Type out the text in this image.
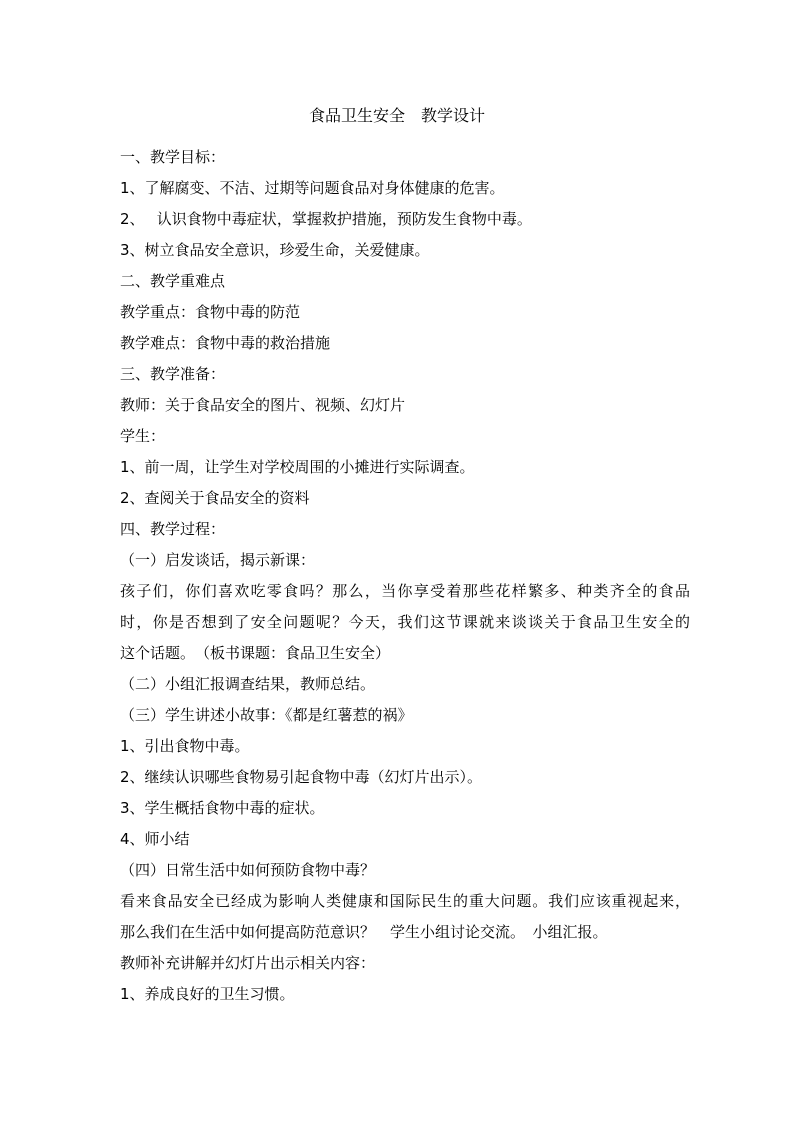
食品卫生安全　教学设计

一、教学目标：

1、了解腐变、不洁、过期等问题食品对身体健康的危害。

2、　 认识食物中毒症状，掌握救护措施，预防发生食物中毒。

3、树立食品安全意识，珍爱生命，关爱健康。

二、教学重难点

教学重点：食物中毒的防范

教学难点：食物中毒的救治措施

三、教学准备：

教师：关于食品安全的图片、视频、幻灯片

学生：

1、前一周，让学生对学校周围的小摊进行实际调查。

2、查阅关于食品安全的资料

四、教学过程：

（一）启发谈话，揭示新课：

孩子们，你们喜欢吃零食吗？那么，当你享受着那些花样繁多、种类齐全的食品
时，你是否想到了安全问题呢？今天，我们这节课就来谈谈关于食品卫生安全的
这个话题。　（板书课题：食品卫生安全）

（二）小组汇报调查结果，教师总结。

（三）学生讲述小故事：《都是红薯惹的祸》

1、引出食物中毒。

2、继续认识哪些食物易引起食物中毒（幻灯片出示）。

3、学生概括食物中毒的症状。

4、师小结

（四）日常生活中如何预防食物中毒？

看来食品安全已经成为影响人类健康和国际民生的重大问题。我们应该重视起来，
那么我们在生活中如何提高防范意识？　学生小组讨论交流。　小组汇报。

教师补充讲解并幻灯片出示相关内容：

1、养成良好的卫生习惯。
